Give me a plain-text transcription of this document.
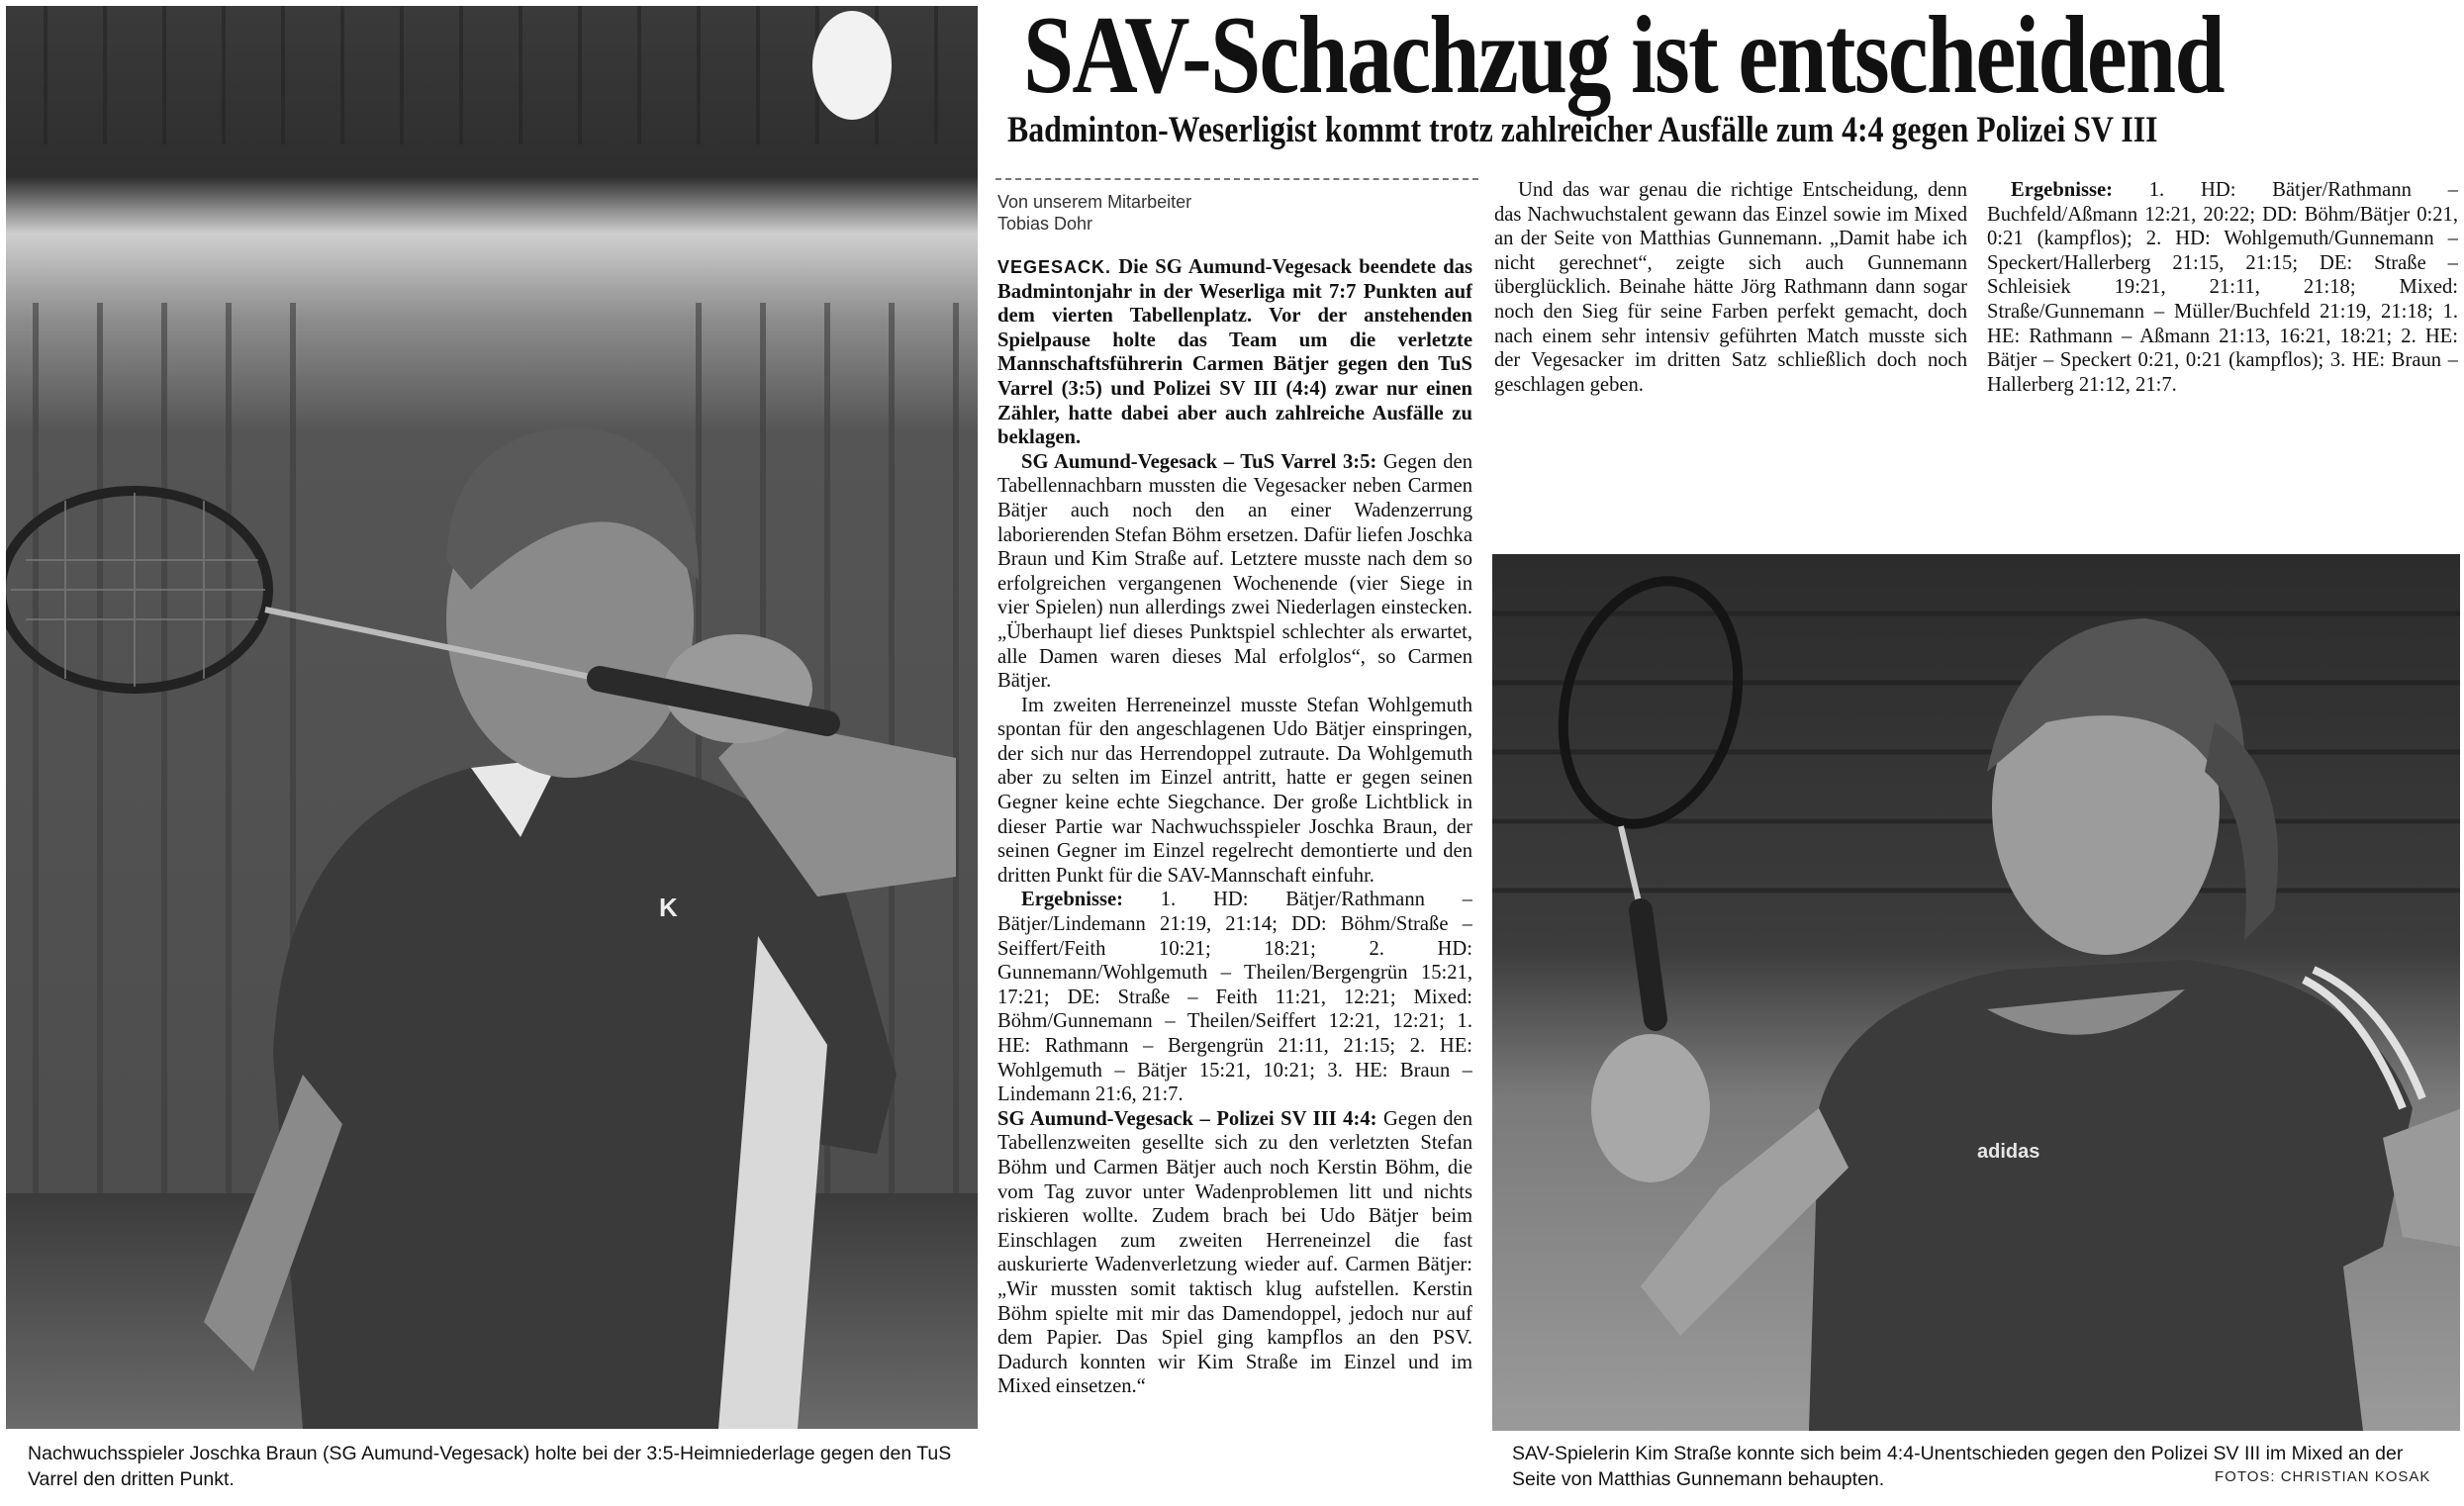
K
Nachwuchsspieler Joschka Braun (SG Aumund-Vegesack) holte bei der 3:5-Heimniederlage gegen den TuS Varrel den dritten Punkt.
SAV-Schachzug ist entscheidend
Badminton-Weserligist kommt trotz zahlreicher Ausfälle zum 4:4 gegen Polizei SV III
Von unserem Mitarbeiter
Tobias Dohr

VEGESACK. Die SG Aumund-Vegesack beendete das Badmintonjahr in der Weserliga mit 7:7 Punkten auf dem vierten Tabellenplatz. Vor der anstehenden Spielpause holte das Team um die verletzte Mannschaftsführerin Carmen Bätjer gegen den TuS Varrel (3:5) und Polizei SV III (4:4) zwar nur einen Zähler, hatte dabei aber auch zahlreiche Ausfälle zu beklagen.

SG Aumund-Vegesack – TuS Varrel 3:5: Gegen den Tabellennachbarn mussten die Vegesacker neben Carmen Bätjer auch noch den an einer Wadenzerrung laborierenden Stefan Böhm ersetzen. Dafür liefen Joschka Braun und Kim Straße auf. Letztere musste nach dem so erfolgreichen vergangenen Wochenende (vier Siege in vier Spielen) nun allerdings zwei Niederlagen einstecken. „Überhaupt lief dieses Punktspiel schlechter als erwartet, alle Damen waren dieses Mal erfolglos“, so Carmen Bätjer.

Im zweiten Herreneinzel musste Stefan Wohlgemuth spontan für den angeschlagenen Udo Bätjer einspringen, der sich nur das Herrendoppel zutraute. Da Wohlgemuth aber zu selten im Einzel antritt, hatte er gegen seinen Gegner keine echte Siegchance. Der große Lichtblick in dieser Partie war Nachwuchsspieler Joschka Braun, der seinen Gegner im Einzel regelrecht demontierte und den dritten Punkt für die SAV-Mannschaft einfuhr.

Ergebnisse: 1. HD: Bätjer/Rathmann – Bätjer/Lindemann 21:19, 21:14; DD: Böhm/Straße – Seiffert/Feith 10:21; 18:21; 2. HD: Gunnemann/Wohlgemuth – Theilen/Bergengrün 15:21, 17:21; DE: Straße – Feith 11:21, 12:21; Mixed: Böhm/Gunnemann – Theilen/Seiffert 12:21, 12:21; 1. HE: Rathmann – Bergengrün 21:11, 21:15; 2. HE: Wohlgemuth – Bätjer 15:21, 10:21; 3. HE: Braun – Lindemann 21:6, 21:7.

SG Aumund-Vegesack – Polizei SV III 4:4: Gegen den Tabellenzweiten gesellte sich zu den verletzten Stefan Böhm und Carmen Bätjer auch noch Kerstin Böhm, die vom Tag zuvor unter Wadenproblemen litt und nichts riskieren wollte. Zudem brach bei Udo Bätjer beim Einschlagen zum zweiten Herreneinzel die fast auskurierte Wadenverletzung wieder auf. Carmen Bätjer: „Wir mussten somit taktisch klug aufstellen. Kerstin Böhm spielte mit mir das Damendoppel, jedoch nur auf dem Papier. Das Spiel ging kampflos an den PSV. Dadurch konnten wir Kim Straße im Einzel und im Mixed einsetzen.“

Und das war genau die richtige Entscheidung, denn das Nachwuchstalent gewann das Einzel sowie im Mixed an der Seite von Matthias Gunnemann. „Damit habe ich nicht gerechnet“, zeigte sich auch Gunnemann überglücklich. Beinahe hätte Jörg Rathmann dann sogar noch den Sieg für seine Farben perfekt gemacht, doch nach einem sehr intensiv geführten Match musste sich der Vegesacker im dritten Satz schließlich doch noch geschlagen geben.

Ergebnisse: 1. HD: Bätjer/Rathmann – Buchfeld/Aßmann 12:21, 20:22; DD: Böhm/Bätjer 0:21, 0:21 (kampflos); 2. HD: Wohlgemuth/Gunnemann – Speckert/Hallerberg 21:15, 21:15; DE: Straße – Schleisiek 19:21, 21:11, 21:18; Mixed: Straße/Gunnemann – Müller/Buchfeld 21:19, 21:18; 1. HE: Rathmann – Aßmann 21:13, 16:21, 18:21; 2. HE: Bätjer – Speckert 0:21, 0:21 (kampflos); 3. HE: Braun – Hallerberg 21:12, 21:7.

adidas
SAV-Spielerin Kim Straße konnte sich beim 4:4-Unentschieden gegen den Polizei SV III im Mixed an der Seite von Matthias Gunnemann behaupten.	FOTOS: CHRISTIAN KOSAK
